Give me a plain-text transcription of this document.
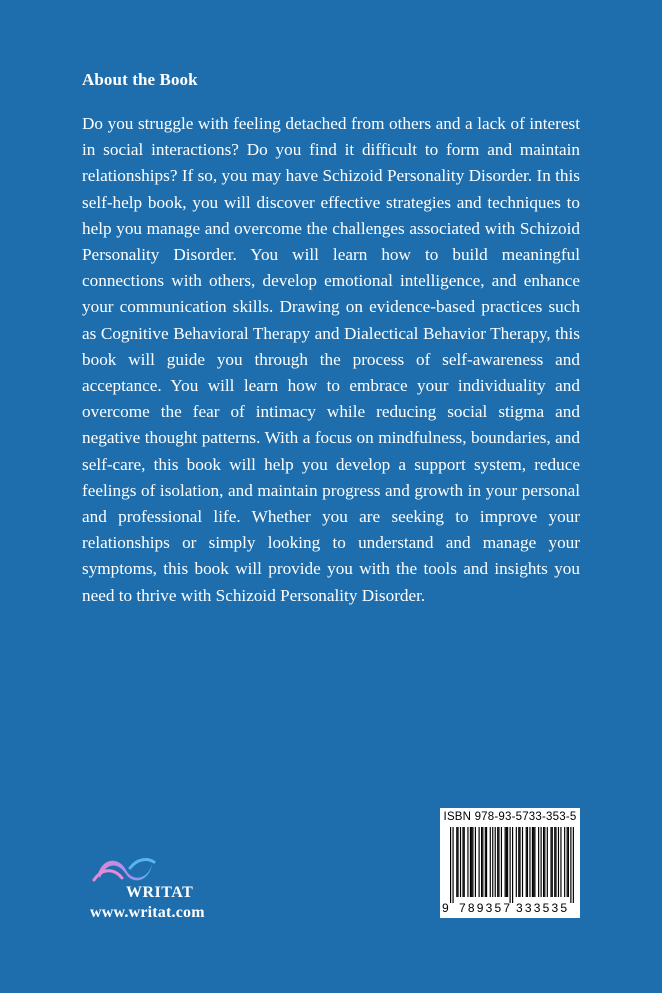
About the Book
Do you struggle with feeling detached from others and a lack of interest in social interactions? Do you find it difficult to form and maintain relationships? If so, you may have Schizoid Personality Disorder. In this self-help book, you will discover effective strategies and techniques to help you manage and overcome the challenges associated with Schizoid Personality Disorder. You will learn how to build meaningful connections with others, develop emotional intelligence, and enhance your communication skills. Drawing on evidence-based practices such as Cognitive Behavioral Therapy and Dialectical Behavior Therapy, this book will guide you through the process of self-awareness and acceptance. You will learn how to embrace your individuality and overcome the fear of intimacy while reducing social stigma and negative thought patterns. With a focus on mindfulness, boundaries, and self-care, this book will help you develop a support system, reduce feelings of isolation, and maintain progress and growth in your personal and professional life. Whether you are seeking to improve your relationships or simply looking to understand and manage your symptoms, this book will provide you with the tools and insights you need to thrive with Schizoid Personality Disorder.
WRITAT
www.writat.com
ISBN 978-93-5733-353-5
9 789357 333535
